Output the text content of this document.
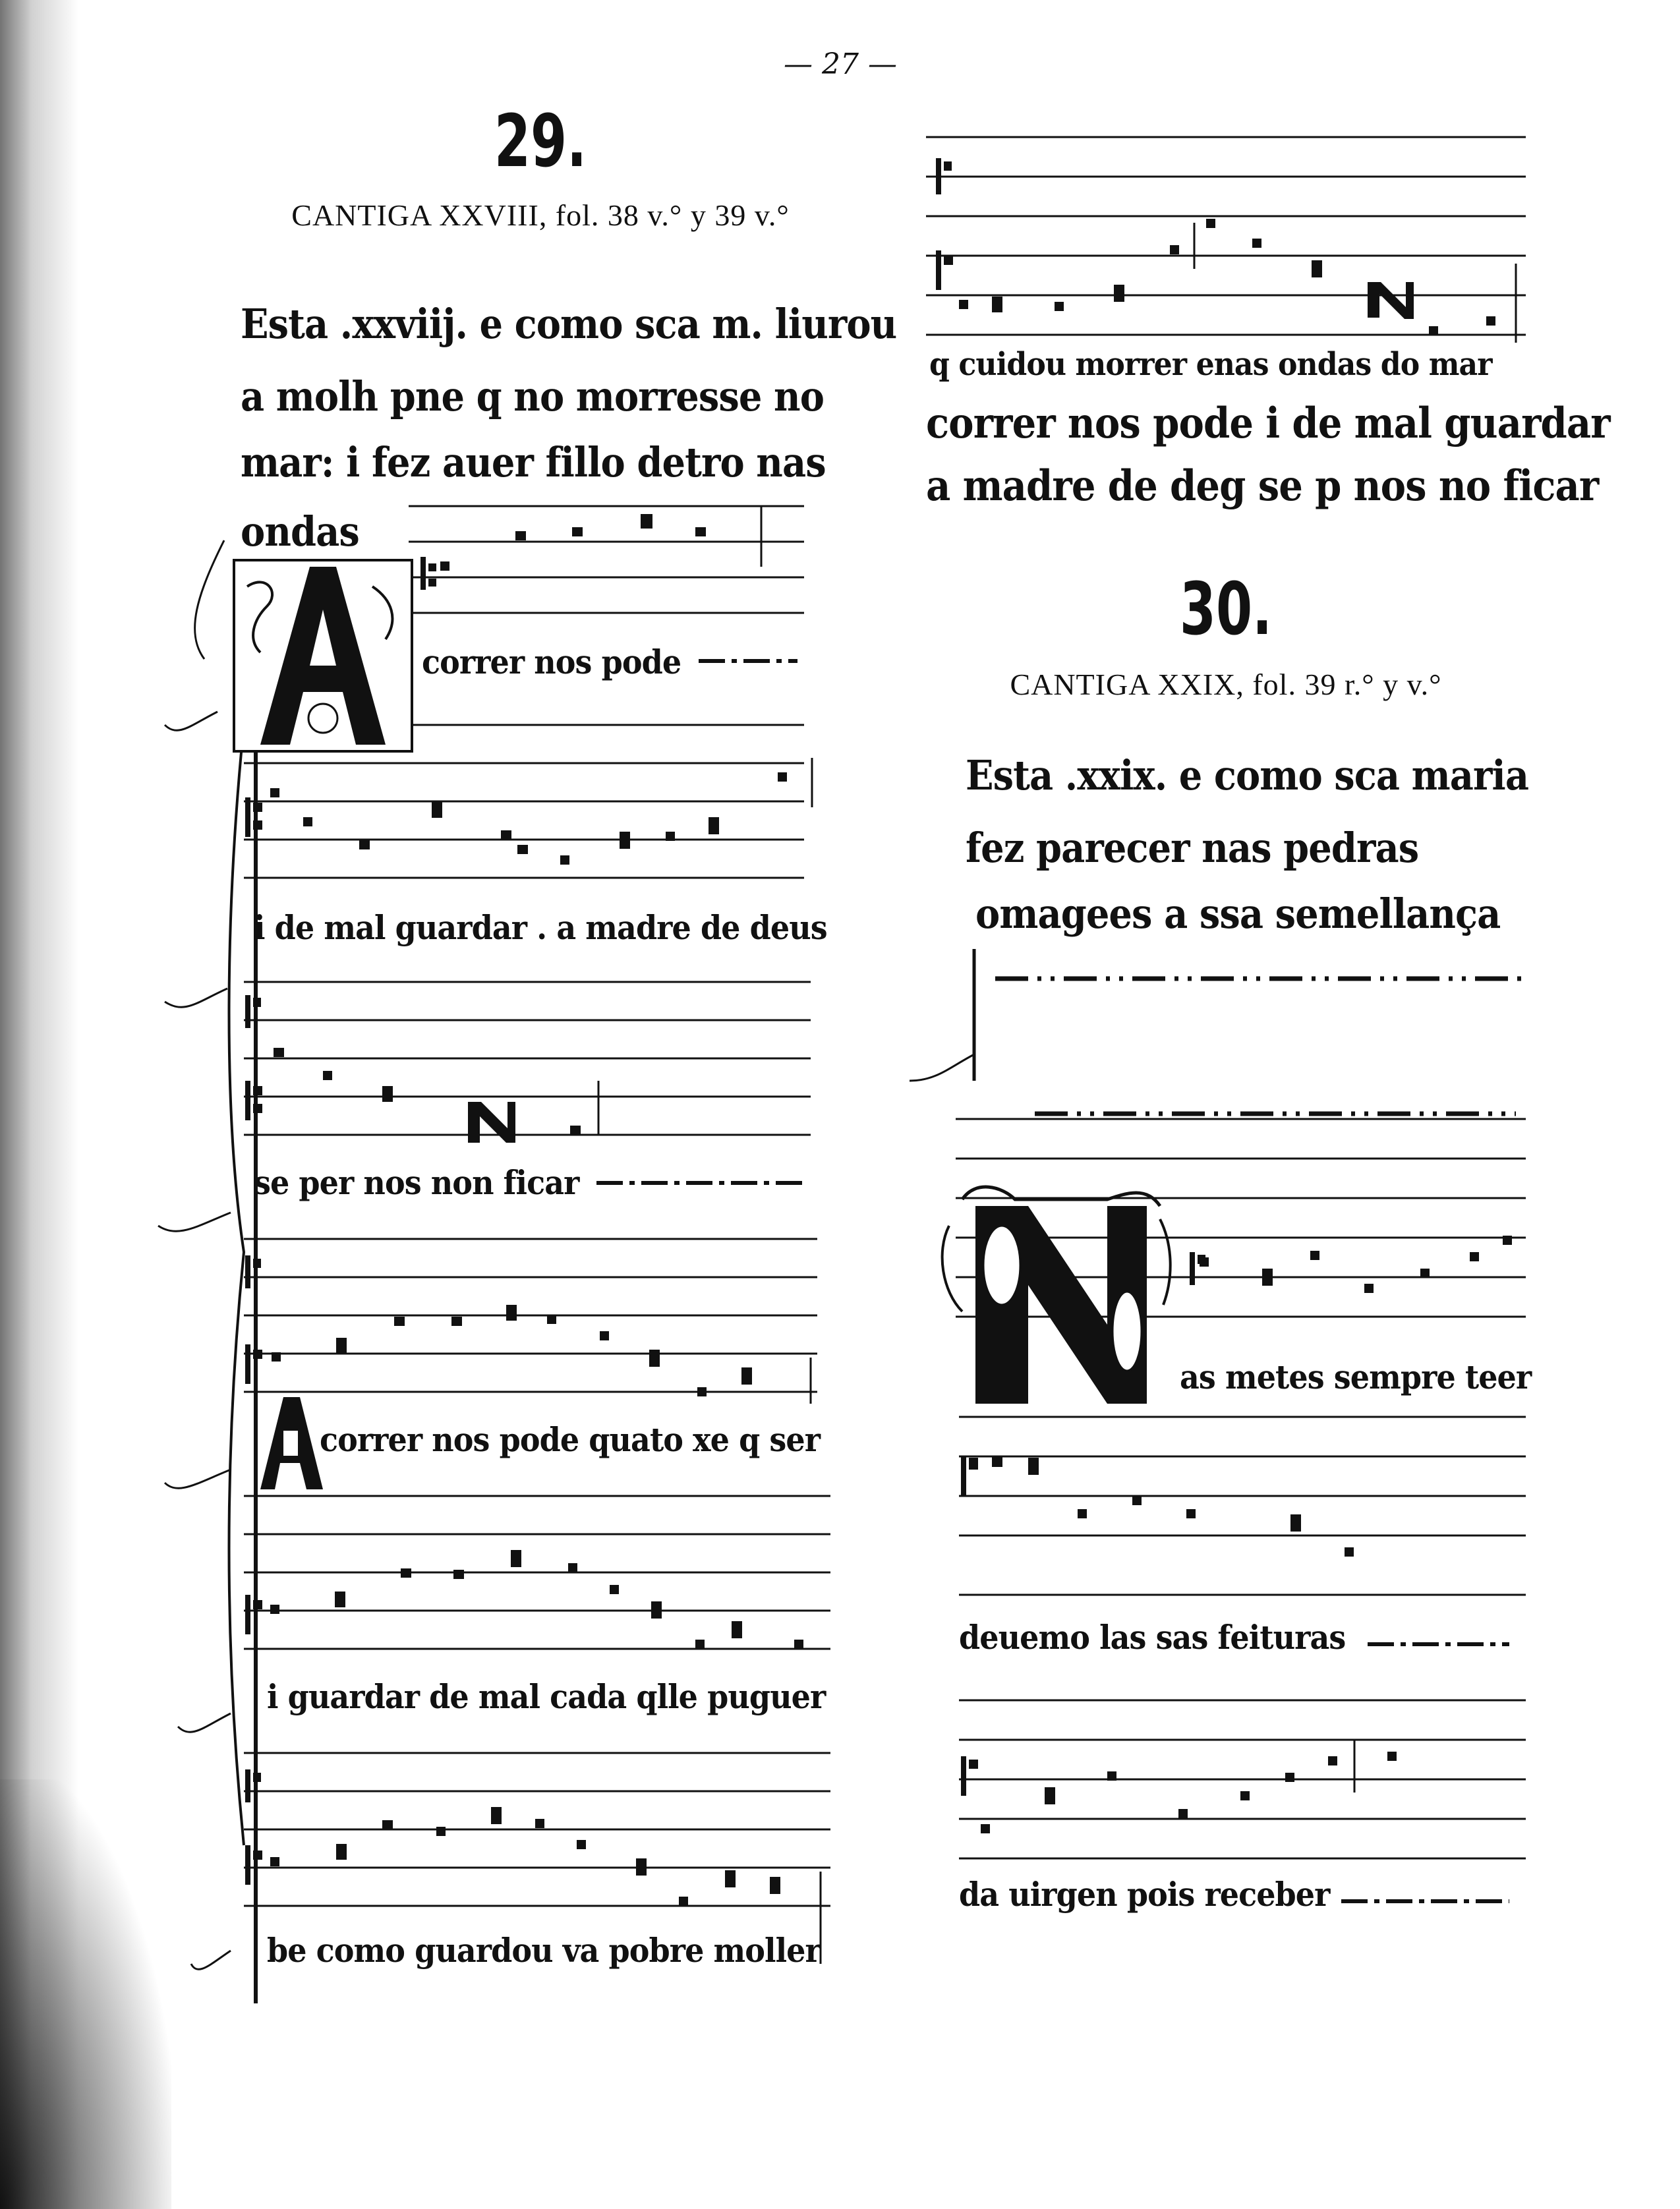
— 27 —
29.
CANTIGA XXVIII, fol. 38 v.° y 39 v.°
Esta .xxviij. e como sca m. liurou
a molh pne q no morresse no
mar: i fez auer fillo detro nas
ondas
correr nos pode
i de mal guardar . a madre de deus
se per nos non ficar
correr nos pode quato xe q ser
i guardar de mal cada qlle puguer
be como guardou va pobre moller
q cuidou morrer enas ondas do mar
correr nos pode i de mal guardar
a madre de deg se p nos no ficar
30.
CANTIGA XXIX, fol. 39 r.° y v.°
Esta .xxix. e como sca maria
fez parecer nas pedras
omagees a ssa semellança
as metes sempre teer
deuemo las sas feituras
da uirgen pois receber
